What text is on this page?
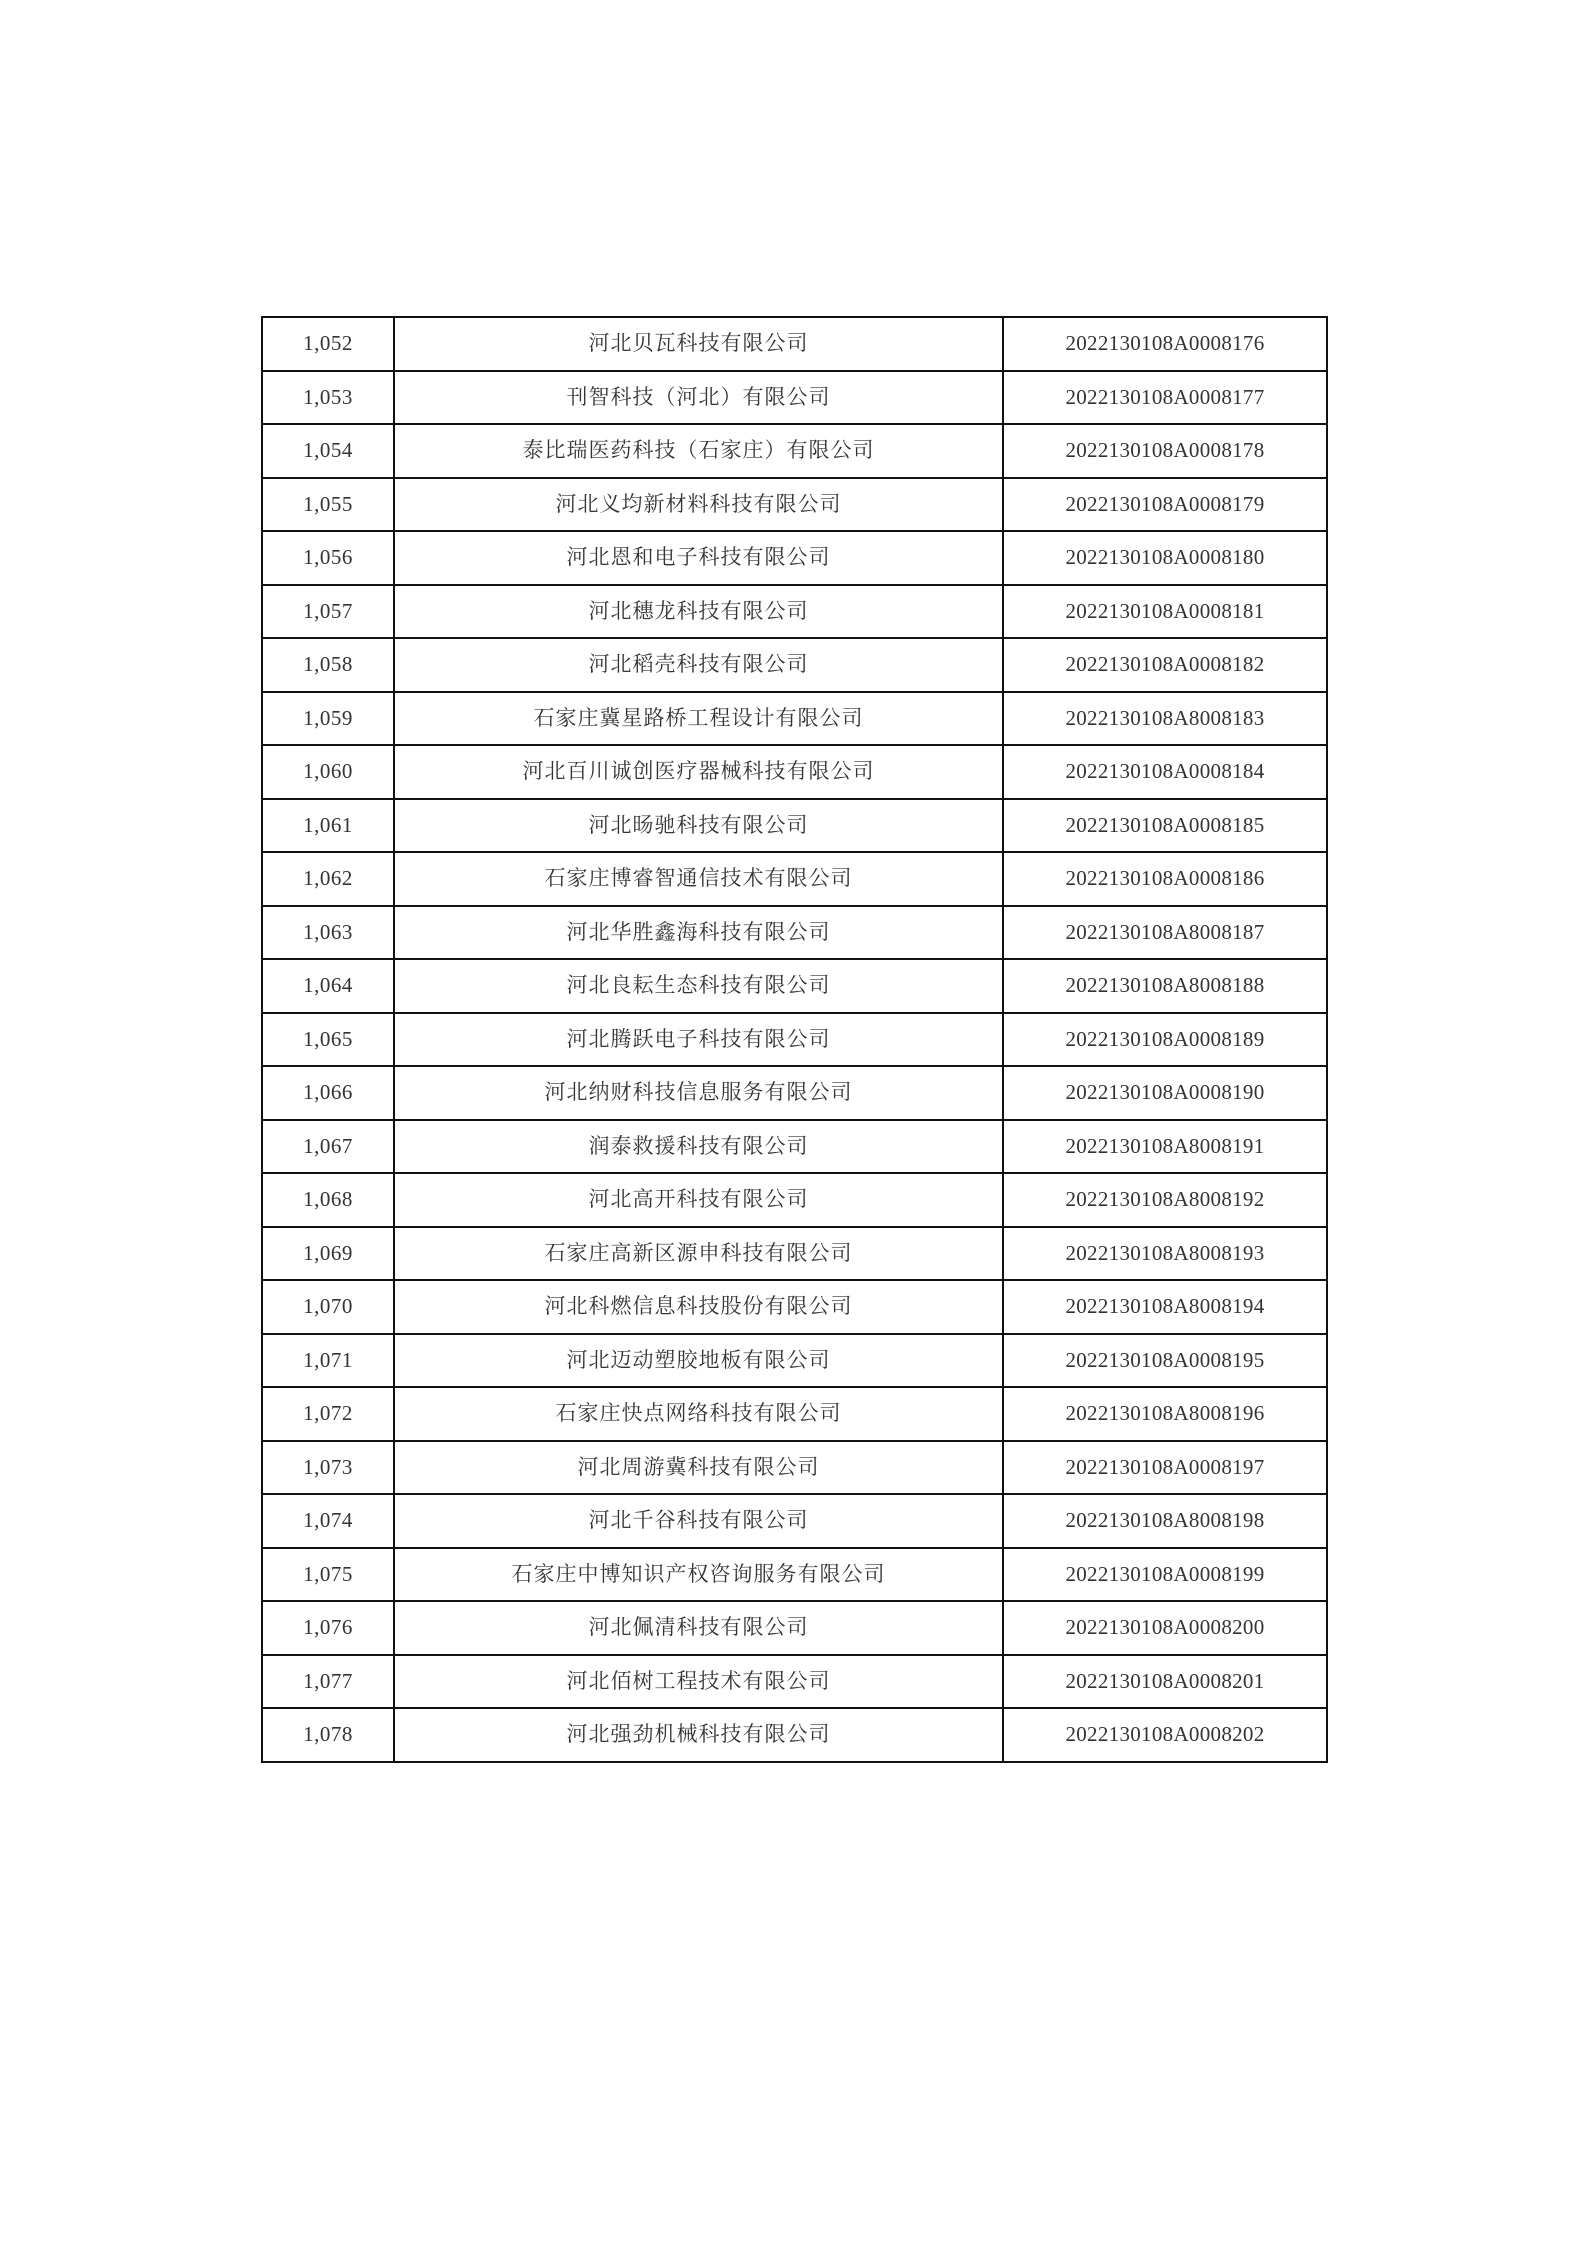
1,052	河北贝瓦科技有限公司	2022130108A0008176
1,053	刊智科技（河北）有限公司	2022130108A0008177
1,054	泰比瑞医药科技（石家庄）有限公司	2022130108A0008178
1,055	河北义均新材料科技有限公司	2022130108A0008179
1,056	河北恩和电子科技有限公司	2022130108A0008180
1,057	河北穗龙科技有限公司	2022130108A0008181
1,058	河北稻壳科技有限公司	2022130108A0008182
1,059	石家庄冀星路桥工程设计有限公司	2022130108A8008183
1,060	河北百川诚创医疗器械科技有限公司	2022130108A0008184
1,061	河北旸驰科技有限公司	2022130108A0008185
1,062	石家庄博睿智通信技术有限公司	2022130108A0008186
1,063	河北华胜鑫海科技有限公司	2022130108A8008187
1,064	河北良耘生态科技有限公司	2022130108A8008188
1,065	河北腾跃电子科技有限公司	2022130108A0008189
1,066	河北纳财科技信息服务有限公司	2022130108A0008190
1,067	润泰救援科技有限公司	2022130108A8008191
1,068	河北高开科技有限公司	2022130108A8008192
1,069	石家庄高新区源申科技有限公司	2022130108A8008193
1,070	河北科燃信息科技股份有限公司	2022130108A8008194
1,071	河北迈动塑胶地板有限公司	2022130108A0008195
1,072	石家庄快点网络科技有限公司	2022130108A8008196
1,073	河北周游冀科技有限公司	2022130108A0008197
1,074	河北千谷科技有限公司	2022130108A8008198
1,075	石家庄中博知识产权咨询服务有限公司	2022130108A0008199
1,076	河北佩清科技有限公司	2022130108A0008200
1,077	河北佰树工程技术有限公司	2022130108A0008201
1,078	河北强劲机械科技有限公司	2022130108A0008202
